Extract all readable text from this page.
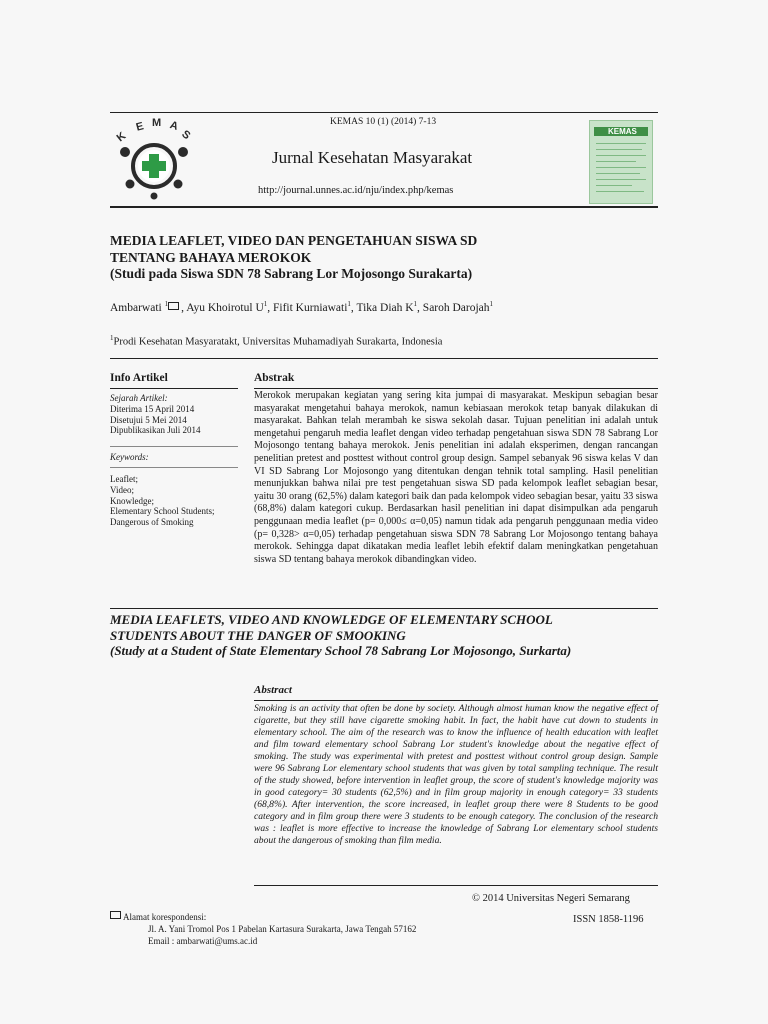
KEMAS 10 (1) (2014) 7-13
K
E M A
S
Jurnal Kesehatan Masyarakat
http://journal.unnes.ac.id/nju/index.php/kemas
KEMAS
MEDIA LEAFLET, VIDEO DAN PENGETAHUAN SISWA SD
TENTANG BAHAYA MEROKOK
(Studi pada Siswa SDN 78 Sabrang Lor Mojosongo Surakarta)
Ambarwati $^1$ , Ayu Khoirotul $U^1$, Fifit Kurniawati$^1$, Tika Diah $K^1$, Saroh Darojah$^1$
$^1$Prodi Kesehatan Masyaratakt, Universitas Muhamadiyah Surakarta, Indonesia
Info Artikel	Abstrak
Sejarah Artikel:
Diterima 15 April 2014
Disetujui 5 Mei 2014
Dipublikasikan Juli 2014
Keywords:
Leaflet;
Video;
Knowledge;
Elementary School Students;
Dangerous of Smoking
Merokok merupakan kegiatan yang sering kita jumpai di masyarakat. Meskipun sebagian besar masyarakat mengetahui bahaya merokok, namun kebiasaan merokok tetap banyak dilakukan di masyarakat. Bahkan telah merambah ke siswa sekolah dasar. Tujuan penelitian ini adalah untuk mengetahui pengaruh media leaflet dengan video terhadap pengetahuan siswa SDN 78 Sabrang Lor Mojosongo tentang bahaya merokok. Jenis penelitian ini adalah eksperimen, dengan rancangan penelitian pretest and posttest without control group design. Sampel sebanyak 96 siswa kelas V dan VI SD Sabrang Lor Mojosongo yang ditentukan dengan tehnik total sampling. Hasil penelitian menunjukkan bahwa nilai pre test pengetahuan siswa SD pada kelompok leaflet sebagian besar, yaitu 30 orang (62,5%) dalam kategori baik dan pada kelompok video sebagian besar, yaitu 33 siswa (68,8%) dalam kategori cukup. Berdasarkan hasil penelitian ini dapat disimpulkan ada pengaruh penggunaan media leaflet (p= 0,000≤ α=0,05) namun tidak ada pengaruh penggunaan media video (p= 0,328> α=0,05) terhadap pengetahuan siswa SDN 78 Sabrang Lor Mojosongo tentang bahaya merokok. Sehingga dapat dikatakan media leaflet lebih efektif dalam meningkatkan pengetahuan siswa SD tentang bahaya merokok dibandingkan video.
MEDIA LEAFLETS, VIDEO AND KNOWLEDGE OF ELEMENTARY SCHOOL
STUDENTS ABOUT THE DANGER OF SMOOKING
(Study at a Student of State Elementary School 78 Sabrang Lor Mojosongo, Surkarta)
Abstract
Smoking is an activity that often be done by society. Although almost human know the negative effect of cigarette, but they still have cigarette smoking habit. In fact, the habit have cut down to students in elementary school. The aim of the research was to know the influence of health education with leaflet and film toward elementary school Sabrang Lor student's knowledge about the negative effect of smoking. The study was experimental with pretest and posttest without control group design. Sample were 96 Sabrang Lor elementary school students that was given by total sampling technique. The result of the study showed, before intervention in leaflet group, the score of student's knowledge majority was in good category= 30 students (62,5%) and in film group majority in enough category= 33 students (68,8%). After intervention, the score increased, in leaflet group there were 8 Students to be good category and in film group there were 3 students to be enough category. The conclusion of the research was : leaflet is more effective to increase the knowledge of Sabrang Lor elementary school students about the dangerous of smoking than film media.
© 2014 Universitas Negeri Semarang
ISSN 1858-1196
Alamat korespondensi:
Jl. A. Yani Tromol Pos 1 Pabelan Kartasura Surakarta, Jawa Tengah 57162
Email : ambarwati@ums.ac.id
